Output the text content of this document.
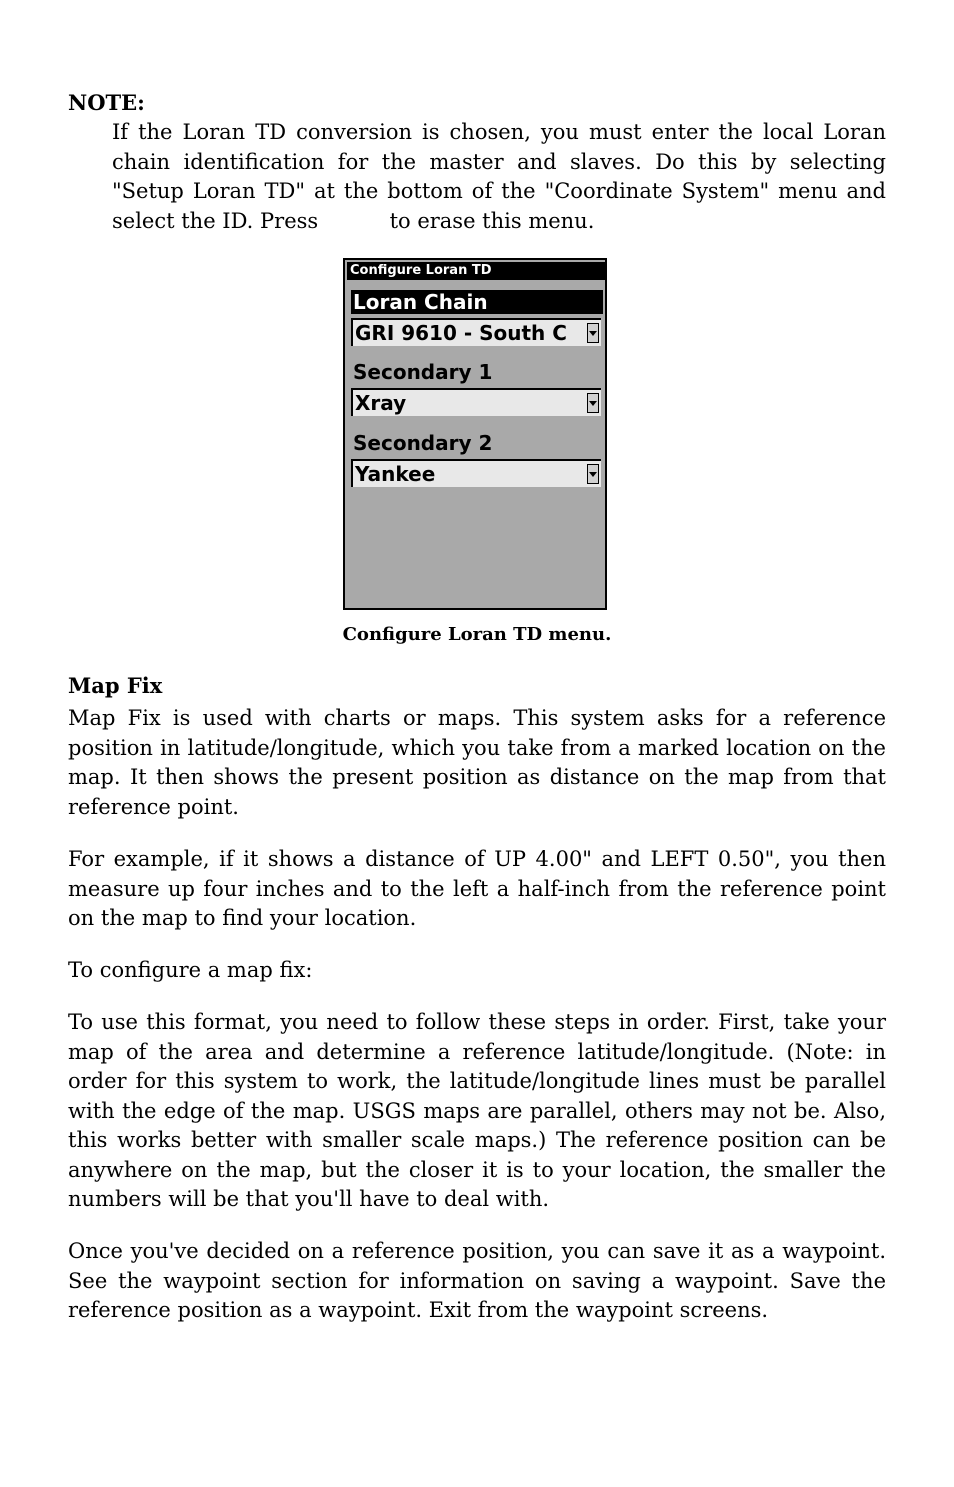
NOTE:

If the Loran TD conversion is chosen, you must enter the local Loran chain identification for the master and slaves. Do this by selecting "Setup Loran TD" at the bottom of the "Coordinate System" menu and select the ID. Press	to erase this menu.

Configure Loran TD
Loran Chain
GRI 9610 - South C
Secondary 1
Xray
Secondary 2
Yankee
Configure Loran TD menu.
Map Fix

Map Fix is used with charts or maps. This system asks for a reference position in latitude/longitude, which you take from a marked location on the map. It then shows the present position as distance on the map from that reference point.

For example, if it shows a distance of UP 4.00" and LEFT 0.50", you then measure up four inches and to the left a half-inch from the reference point on the map to find your location.

To configure a map fix:

To use this format, you need to follow these steps in order. First, take your map of the area and determine a reference latitude/longitude. (Note: in order for this system to work, the latitude/longitude lines must be parallel with the edge of the map. USGS maps are parallel, others may not be. Also, this works better with smaller scale maps.) The reference position can be anywhere on the map, but the closer it is to your location, the smaller the numbers will be that you'll have to deal with.

Once you've decided on a reference position, you can save it as a waypoint. See the waypoint section for information on saving a waypoint. Save the reference position as a waypoint. Exit from the waypoint screens.
